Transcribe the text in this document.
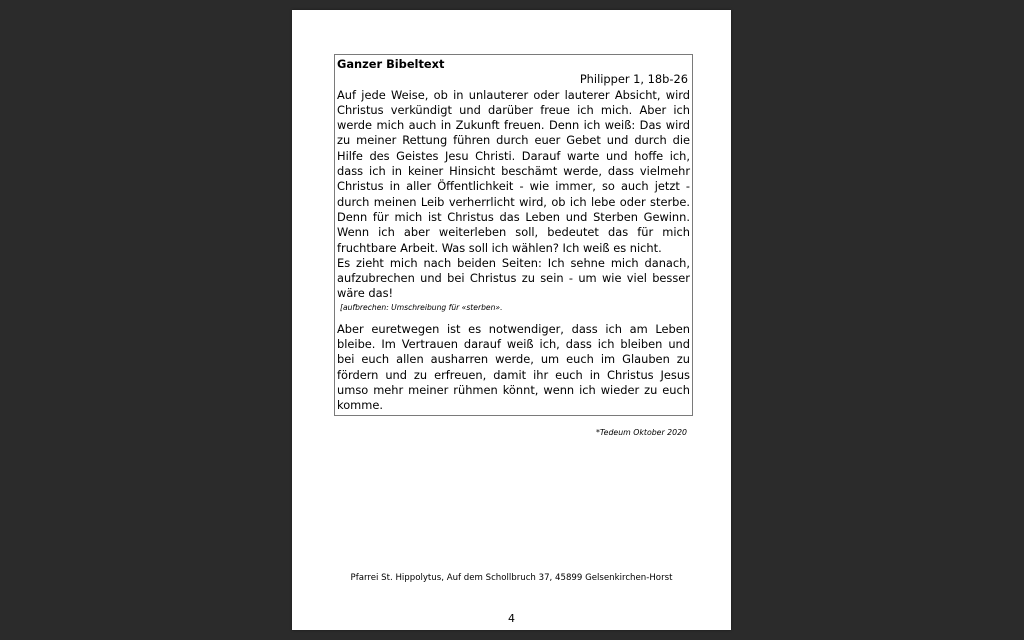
Ganzer Bibeltext
Philipper 1, 18b-26

Auf jede Weise, ob in unlauterer oder lauterer Absicht, wird Christus verkündigt und darüber freue ich mich. Aber ich werde mich auch in Zukunft freuen. Denn ich weiß: Das wird zu meiner Rettung führen durch euer Gebet und durch die Hilfe des Geistes Jesu Christi. Darauf warte und hoffe ich, dass ich in keiner Hinsicht beschämt werde, dass vielmehr Christus in aller Öffentlichkeit - wie immer, so auch jetzt - durch meinen Leib verherrlicht wird, ob ich lebe oder sterbe. Denn für mich ist Christus das Leben und Sterben Gewinn. Wenn ich aber weiterleben soll, bedeutet das für mich fruchtbare Arbeit. Was soll ich wählen? Ich weiß es nicht.

Es zieht mich nach beiden Seiten: Ich sehne mich danach, aufzubrechen und bei Christus zu sein - um wie viel besser wäre das!

[aufbrechen: Umschreibung für «sterben».

Aber euretwegen ist es notwendiger, dass ich am Leben bleibe. Im Vertrauen darauf weiß ich, dass ich bleiben und bei euch allen ausharren werde, um euch im Glauben zu fördern und zu erfreuen, damit ihr euch in Christus Jesus umso mehr meiner rühmen könnt, wenn ich wieder zu euch komme.

*Tedeum Oktober 2020
Pfarrei St. Hippolytus, Auf dem Schollbruch 37, 45899 Gelsenkirchen-Horst
4
